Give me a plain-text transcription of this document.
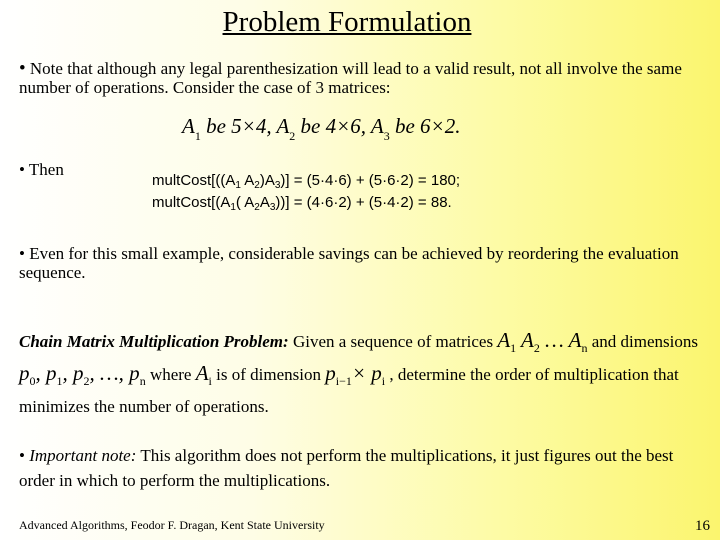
Problem Formulation
• Note that although any legal parenthesization will lead to a valid result, not all involve the same number of operations. Consider the case of 3 matrices:
$A_1$ be 5×4, $A_2$ be 4×6, $A_3$ be 6×2.
• Then
$multCost[((A_1$ $A_2)A_3)] = (5\cdot 4\cdot 6) + (5\cdot 6\cdot 2) = 180$;
$multCost[(A_1$( $A_2A_3))] = (4\cdot 6\cdot 2) + (5\cdot 4\cdot 2) = 88$.
• Even for this small example, considerable savings can be achieved by reordering the evaluation sequence.
Chain Matrix Multiplication Problem: Given a sequence of matrices $A_1$ $A_2$ … $A_n$ and dimensions $p_0$, $p_1$, $p_2$, …, $p_n$ where $A_i$ is of dimension $p_{i-1}\times p_i$ , determine the order of multiplication that minimizes the number of operations.
• Important note: This algorithm does not perform the multiplications, it just figures out the best order in which to perform the multiplications.
Advanced Algorithms, Feodor F. Dragan, Kent State University	16
